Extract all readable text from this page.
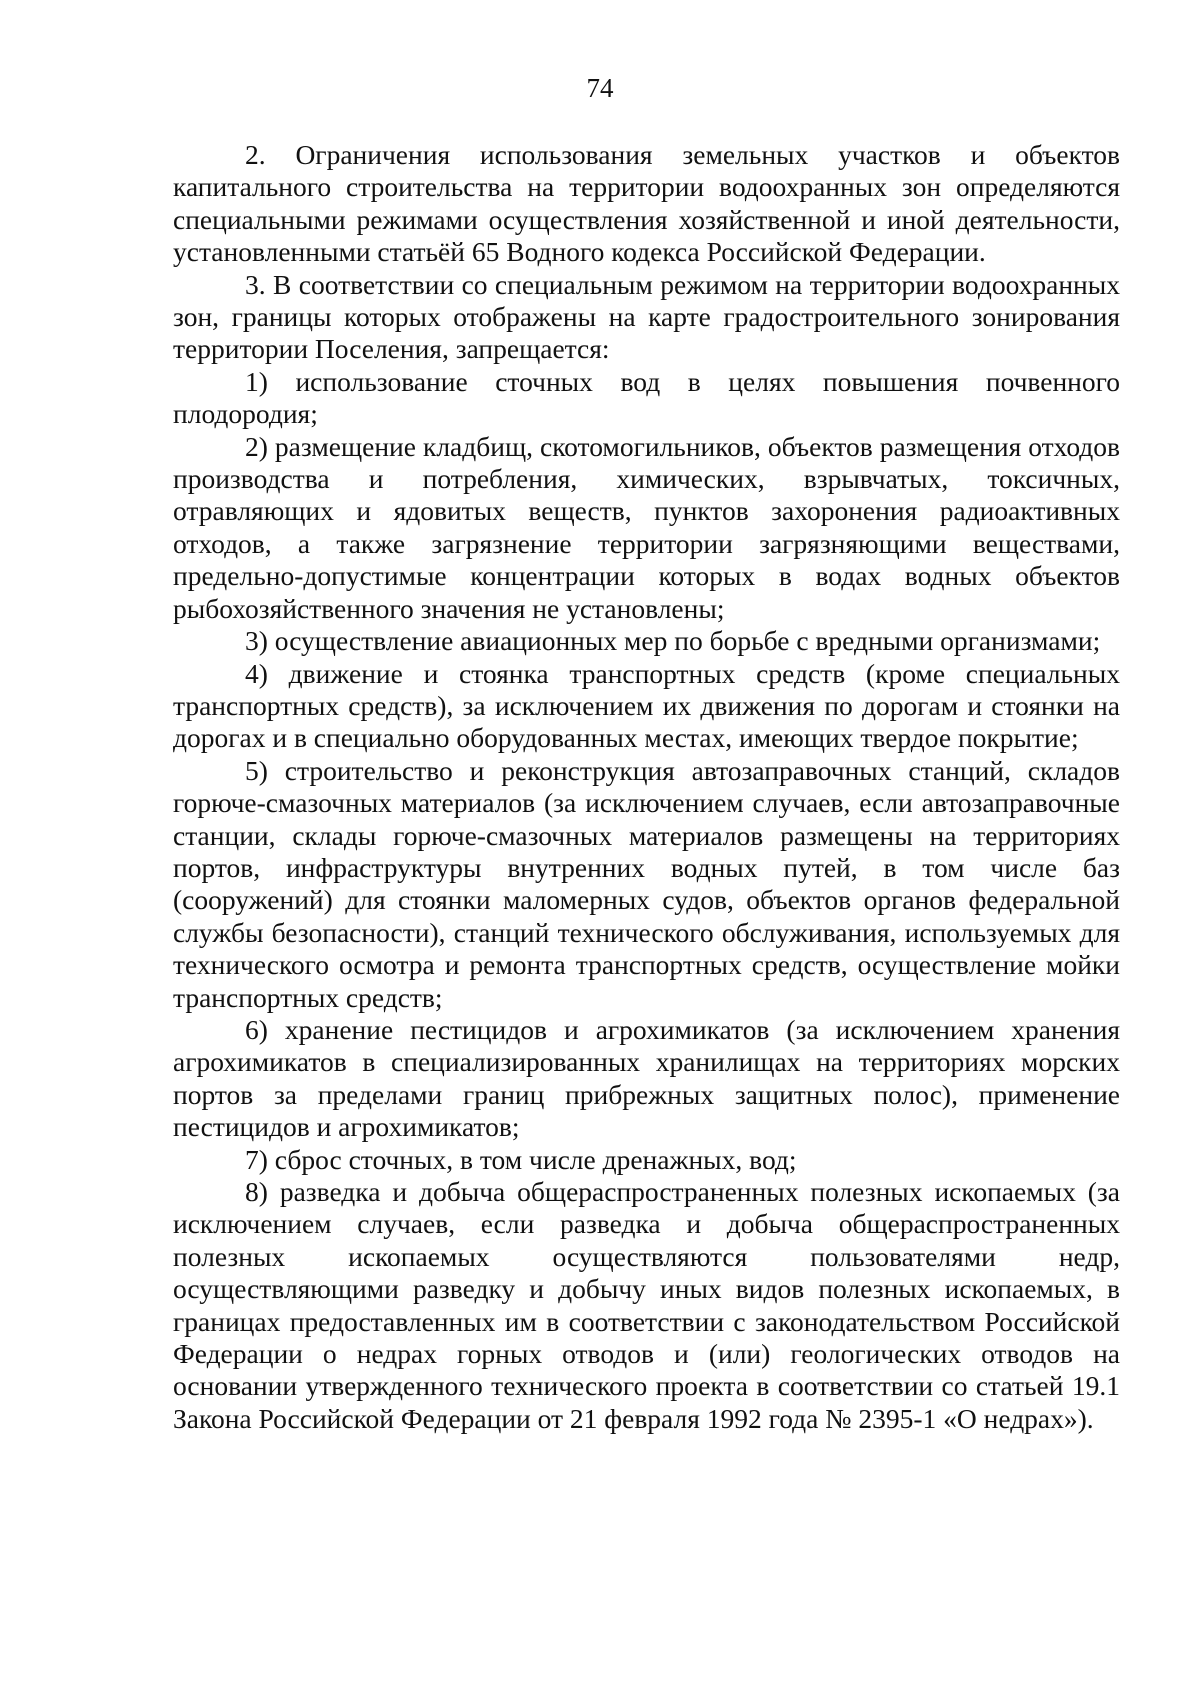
74

2. Ограничения использования земельных участков и объектов капитального строительства на территории водоохранных зон определяются специальными режимами осуществления хозяйственной и иной деятельности, установленными статьёй 65 Водного кодекса Российской Федерации.

3. В соответствии со специальным режимом на территории водоохранных зон, границы которых отображены на карте градостроительного зонирования территории Поселения, запрещается:

1) использование сточных вод в целях повышения почвенного плодородия;

2) размещение кладбищ, скотомогильников, объектов размещения отходов производства и потребления, химических, взрывчатых, токсичных, отравляющих и ядовитых веществ, пунктов захоронения радиоактивных отходов, а также загрязнение территории загрязняющими веществами, предельно-допустимые концентрации которых в водах водных объектов рыбохозяйственного значения не установлены;

3) осуществление авиационных мер по борьбе с вредными организмами;

4) движение и стоянка транспортных средств (кроме специальных транспортных средств), за исключением их движения по дорогам и стоянки на дорогах и в специально оборудованных местах, имеющих твердое покрытие;

5) строительство и реконструкция автозаправочных станций, складов горюче-смазочных материалов (за исключением случаев, если автозаправочные станции, склады горюче-смазочных материалов размещены на территориях портов, инфраструктуры внутренних водных путей, в том числе баз (сооружений) для стоянки маломерных судов, объектов органов федеральной службы безопасности), станций технического обслуживания, используемых для технического осмотра и ремонта транспортных средств, осуществление мойки транспортных средств;

6) хранение пестицидов и агрохимикатов (за исключением хранения агрохимикатов в специализированных хранилищах на территориях морских портов за пределами границ прибрежных защитных полос), применение пестицидов и агрохимикатов;

7) сброс сточных, в том числе дренажных, вод;

8) разведка и добыча общераспространенных полезных ископаемых (за исключением случаев, если разведка и добыча общераспространенных полезных ископаемых осуществляются пользователями недр, осуществляющими разведку и добычу иных видов полезных ископаемых, в границах предоставленных им в соответствии с законодательством Российской Федерации о недрах горных отводов и (или) геологических отводов на основании утвержденного технического проекта в соответствии со статьей 19.1 Закона Российской Федерации от 21 февраля 1992 года № 2395-1 «О недрах»).
